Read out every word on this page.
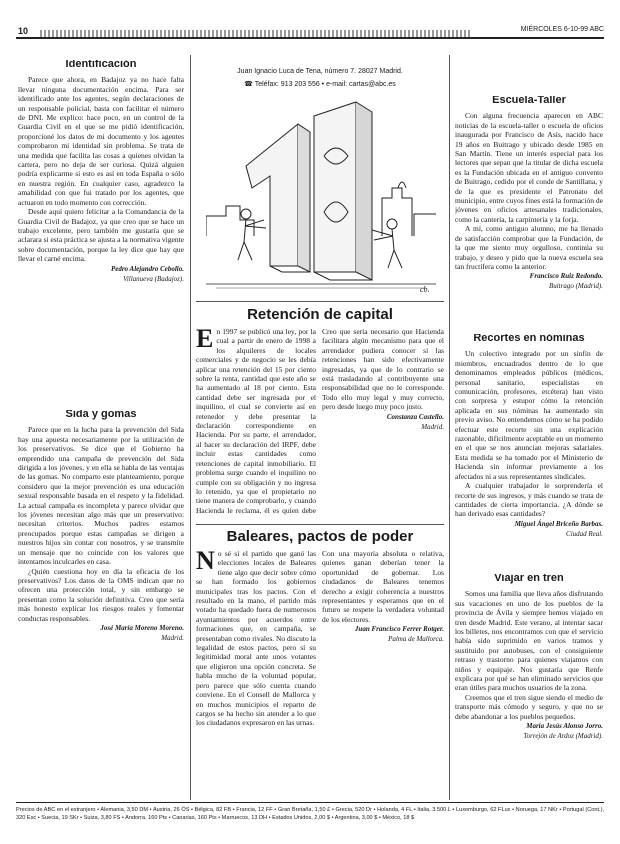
10	MIÉRCOLES 6-10-99 ABC
Identificación

Parece que ahora, en Badajoz ya no hace falta llevar ninguna documentación encima. Para ser identificado ante los agentes, según declaraciones de un responsable policial, basta con facilitar el número de DNI. Me explico: hace poco, en un control de la Guardia Civil en el que se me pidió identificación, proporcioné los datos de mi documento y los agentes comprobaron mi identidad sin problema. Se trata de una medida que facilita las cosas a quienes olvidan la cartera, pero no deja de ser curiosa. Quizá alguien podría explicarme si esto es así en toda España o sólo en nuestra región. En cualquier caso, agradezco la amabilidad con que fui tratado por los agentes, que actuaron en todo momento con corrección.

Desde aquí quiero felicitar a la Comandancia de la Guardia Civil de Badajoz, ya que creo que se hace un trabajo excelente, pero también me gustaría que se aclarara si esta práctica se ajusta a la normativa vigente sobre documentación, porque la ley dice que hay que llevar el carné encima.

Pedro Alejandro Cebollo.
Villanueva (Badajoz).
Sida y gomas

Parece que en la lucha para la prevención del Sida hay una apuesta necesariamente por la utilización de los preservativos. Se dice que el Gobierno ha emprendido una campaña de prevención del Sida dirigida a los jóvenes, y en ella se habla de las ventajas de las gomas. No comparto este planteamiento, porque considero que la mejor prevención es una educación sexual responsable basada en el respeto y la fidelidad. La actual campaña es incompleta y parece olvidar que los jóvenes necesitan algo más que un preservativo: necesitan criterios. Muchos padres estamos preocupados porque estas campañas se dirigen a nuestros hijos sin contar con nosotros, y se transmite un mensaje que no coincide con los valores que intentamos inculcarles en casa.

¿Quién cuestiona hoy en día la eficacia de los preservativos? Los datos de la OMS indican que no ofrecen una protección total, y sin embargo se presentan como la solución definitiva. Creo que sería más honesto explicar los riesgos reales y fomentar conductas responsables.

José María Moreno Moreno.
Madrid.
Juan Ignacio Luca de Tena, número 7. 28027 Madrid.
☎ Teléfax: 913 203 556 • e-mail: cartas@abc.es
cb.
Retención de capital
E n 1997 se publicó una ley, por la cual a partir de enero de 1998 a los alquileres de locales comerciales y de negocio se les debía aplicar una retención del 15 por ciento sobre la renta, cantidad que este año se ha aumentado al 18 por ciento. Esta cantidad debe ser ingresada por el inquilino, el cual se convierte así en retenedor y debe presentar la declaración correspondiente en Hacienda. Por su parte, el arrendador, al hacer su declaración del IRPF, debe incluir estas cantidades como retenciones de capital inmobiliario. El problema surge cuando el inquilino no cumple con su obligación y no ingresa lo retenido, ya que el propietario no tiene manera de comprobarlo, y cuando Hacienda le reclama, él es quien debe

Creo que sería necesario que Hacienda facilitara algún mecanismo para que el arrendador pudiera conocer si las retenciones han sido efectivamente ingresadas, ya que de lo contrario se está trasladando al contribuyente una responsabilidad que no le corresponde. Todo ello muy legal y muy correcto, pero desde luego muy poco justo.

Constanza Castello.
Madrid.
Baleares, pactos de poder
N o sé si el partido que ganó las elecciones locales de Baleares tiene algo que decir sobre cómo se han formado los gobiernos municipales tras los pactos. Con el resultado en la mano, el partido más votado ha quedado fuera de numerosos ayuntamientos por acuerdos entre formaciones que, en campaña, se presentaban como rivales. No discuto la legalidad de estos pactos, pero sí su legitimidad moral ante unos votantes que eligieron una opción concreta. Se habla mucho de la voluntad popular, pero parece que sólo cuenta cuando conviene. En el Consell de Mallorca y en muchos municipios el reparto de cargos se ha hecho sin atender a lo que los ciudadanos expresaron en las urnas.

Con una mayoría absoluta o relativa, quienes ganan deberían tener la oportunidad de gobernar. Los ciudadanos de Baleares tenemos derecho a exigir coherencia a nuestros representantes y esperamos que en el futuro se respete la verdadera voluntad de los electores.

Juan Francisco Ferrer Rotger.
Palma de Mallorca.
Escuela-Taller

Con alguna frecuencia aparecen en ABC noticias de la escuela-taller o escuela de oficios inaugurada por Francisco de Asís, nacido hace 19 años en Buitrago y ubicado desde 1985 en San Martín. Tiene un interés especial para los lectores que sepan que la titular de dicha escuela es la Fundación ubicada en el antiguo convento de Buitrago, cedido por el conde de Santillana, y de la que es presidente el Patronato del municipio, entre cuyos fines está la formación de jóvenes en oficios artesanales tradicionales, como la cantería, la carpintería y la forja.

A mí, como antiguo alumno, me ha llenado de satisfacción comprobar que la Fundación, de la que me siento muy orgulloso, continúa su trabajo, y deseo y pido que la nueva escuela sea tan fructífera como la anterior.

Francisco Ruiz Redondo.
Buitrago (Madrid).
Recortes en nóminas

Un colectivo integrado por un sinfín de miembros, encuadrados dentro de lo que denominamos empleados públicos (médicos, personal sanitario, especialistas en comunicación, profesores, etcétera) han visto con sorpresa y estupor cómo la retención aplicada en sus nóminas ha aumentado sin previo aviso. No entendemos cómo se ha podido efectuar este recorte sin una explicación razonable, difícilmente aceptable en un momento en el que se nos anuncian mejoras salariales. Esta medida se ha tomado por el Ministerio de Hacienda sin informar previamente a los afectados ni a sus representantes sindicales.

A cualquier trabajador le sorprendería el recorte de sus ingresos, y más cuando se trata de cantidades de cierta importancia. ¿A dónde se han derivado esas cantidades?

Miguel Ángel Briceño Barbas.
Ciudad Real.
Viajar en tren

Somos una familia que lleva años disfrutando sus vacaciones en uno de los pueblos de la provincia de Ávila y siempre hemos viajado en tren desde Madrid. Este verano, al intentar sacar los billetes, nos encontramos con que el servicio había sido suprimido en varios tramos y sustituido por autobuses, con el consiguiente retraso y trastorno para quienes viajamos con niños y equipaje. Nos gustaría que Renfe explicara por qué se han eliminado servicios que eran útiles para muchos usuarios de la zona.

Creemos que el tren sigue siendo el medio de transporte más cómodo y seguro, y que no se debe abandonar a los pueblos pequeños.

María Jesús Alonso Jorro.
Torrejón de Ardoz (Madrid).
Precios de ABC en el extranjero • Alemania, 3,50 DM • Austria, 26 ÖS • Bélgica, 82 FB • Francia, 12 FF • Gran Bretaña, 1,50 £ • Grecia, 520 Dr • Holanda, 4 FL • Italia, 3.500 L • Luxemburgo, 62 FLux • Noruega, 17 NKr • Portugal (Cont.), 320 Esc • Suecia, 19 SKr • Suiza, 3,80 FS • Andorra, 160 Pts • Canarias, 160 Pts • Marruecos, 13 DH • Estados Unidos, 2,00 $ • Argentina, 3,00 $ • México, 18 $
